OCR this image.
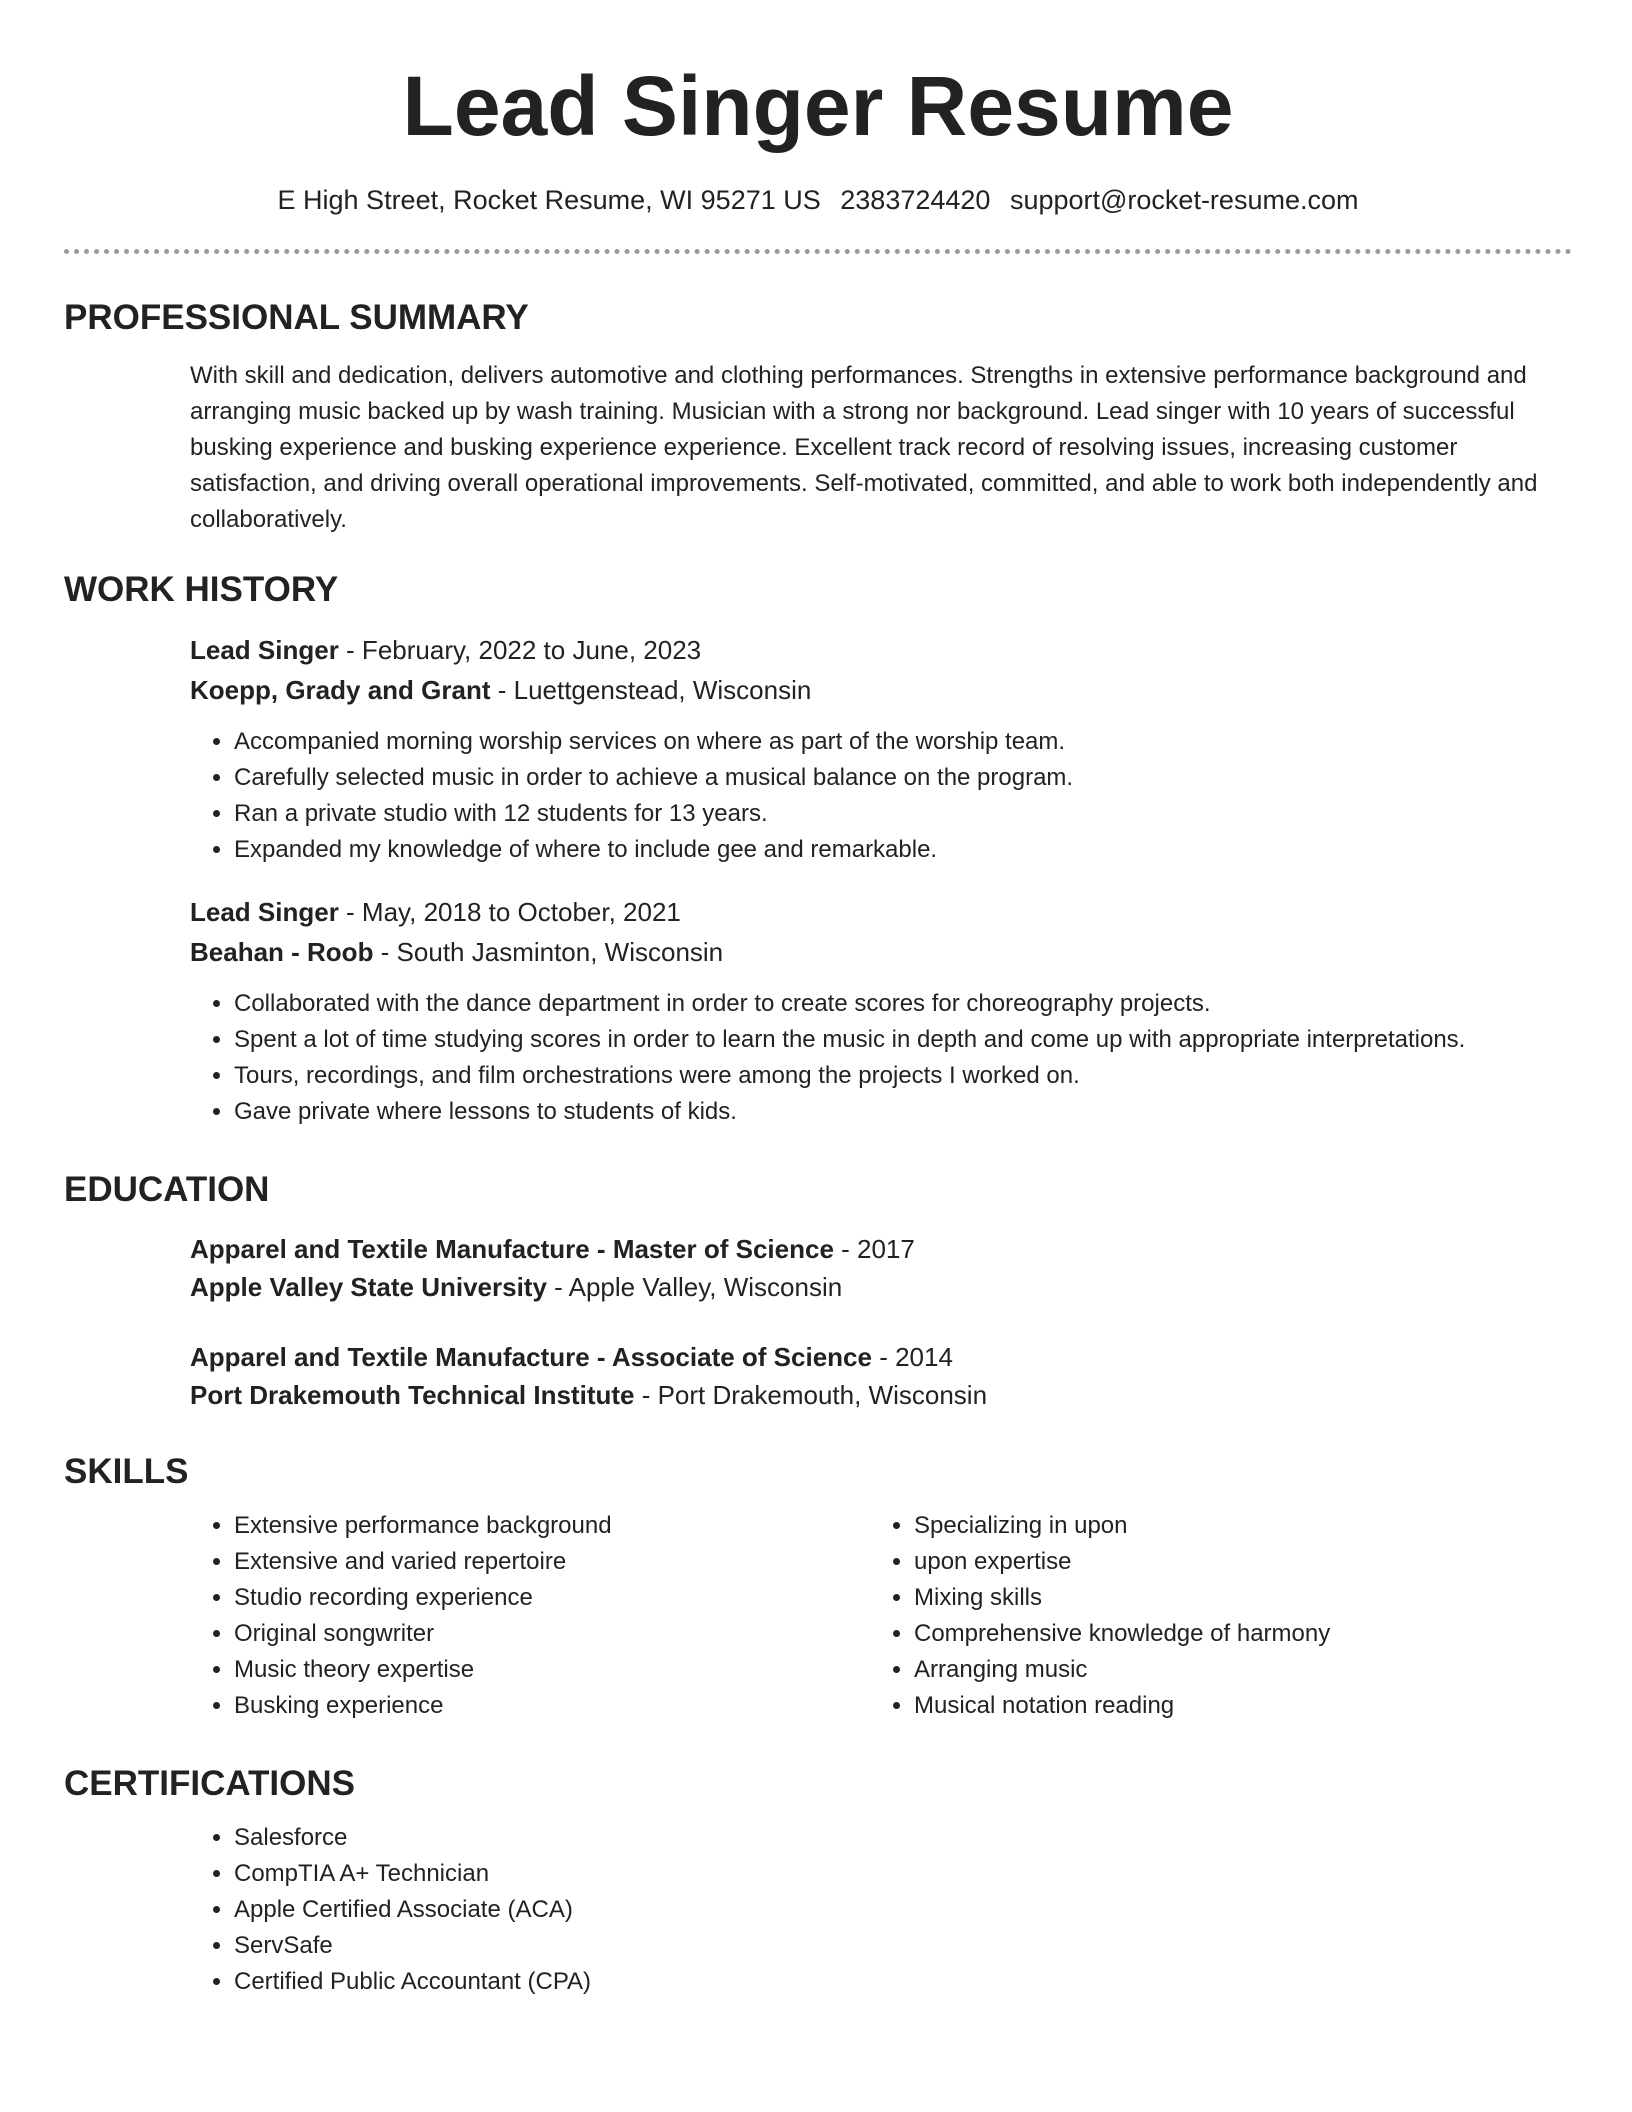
Lead Singer Resume
E High Street, Rocket Resume, WI 95271 US 2383724420 support@rocket-resume.com
PROFESSIONAL SUMMARY
With skill and dedication, delivers automotive and clothing performances. Strengths in extensive performance background and arranging music backed up by wash training. Musician with a strong nor background. Lead singer with 10 years of successful busking experience and busking experience experience. Excellent track record of resolving issues, increasing customer satisfaction, and driving overall operational improvements. Self-motivated, committed, and able to work both independently and collaboratively.
WORK HISTORY
Lead Singer - February, 2022 to June, 2023
Koepp, Grady and Grant - Luettgenstead, Wisconsin
• Accompanied morning worship services on where as part of the worship team.
• Carefully selected music in order to achieve a musical balance on the program.
• Ran a private studio with 12 students for 13 years.
• Expanded my knowledge of where to include gee and remarkable.
Lead Singer - May, 2018 to October, 2021
Beahan - Roob - South Jasminton, Wisconsin
• Collaborated with the dance department in order to create scores for choreography projects.
• Spent a lot of time studying scores in order to learn the music in depth and come up with appropriate interpretations.
• Tours, recordings, and film orchestrations were among the projects I worked on.
• Gave private where lessons to students of kids.
EDUCATION
Apparel and Textile Manufacture - Master of Science - 2017
Apple Valley State University - Apple Valley, Wisconsin
Apparel and Textile Manufacture - Associate of Science - 2014
Port Drakemouth Technical Institute - Port Drakemouth, Wisconsin
SKILLS
• Extensive performance background
• Extensive and varied repertoire
• Studio recording experience
• Original songwriter
• Music theory expertise
• Busking experience
• Specializing in upon
• upon expertise
• Mixing skills
• Comprehensive knowledge of harmony
• Arranging music
• Musical notation reading
CERTIFICATIONS
• Salesforce
• CompTIA A+ Technician
• Apple Certified Associate (ACA)
• ServSafe
• Certified Public Accountant (CPA)
